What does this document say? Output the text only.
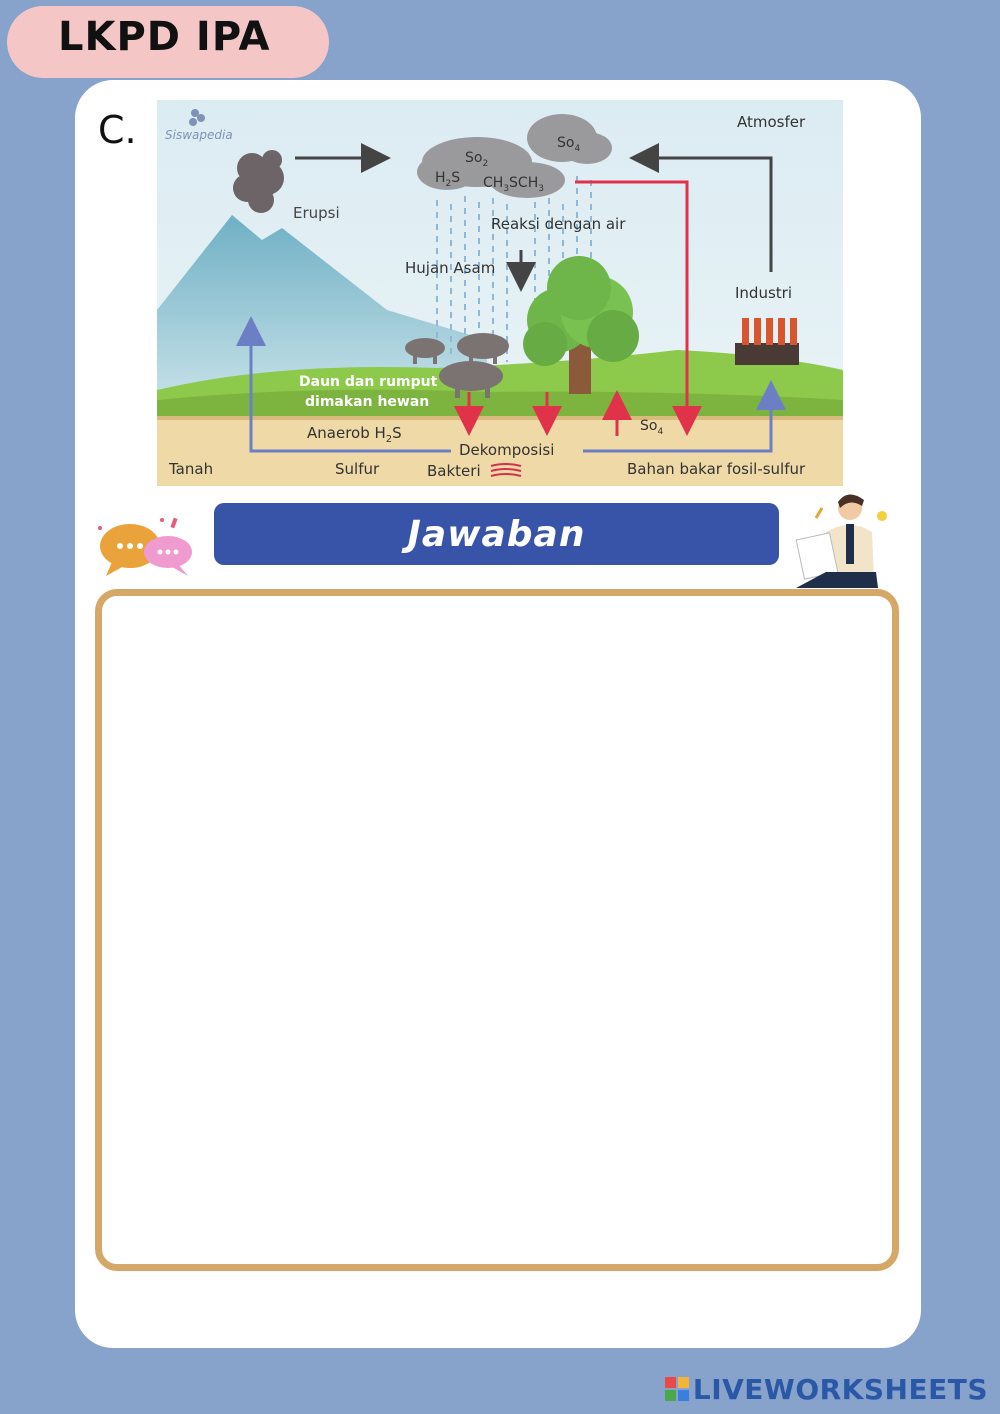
LKPD IPA
C. Siswapedia
Erupsi
$So_2$
$So_4$
$H_2S$ $CH_3SCH_3$
Reaksi dengan air
Hujan Asam
Atmosfer
Industri
Daun dan rumput
dimakan hewan
Anaerob $H_2S$
Dekomposisi
$So_4$
Tanah	Sulfur	Bakteri	Bahan bakar fosil-sulfur
Jawaban
LIVEWORKSHEETS
